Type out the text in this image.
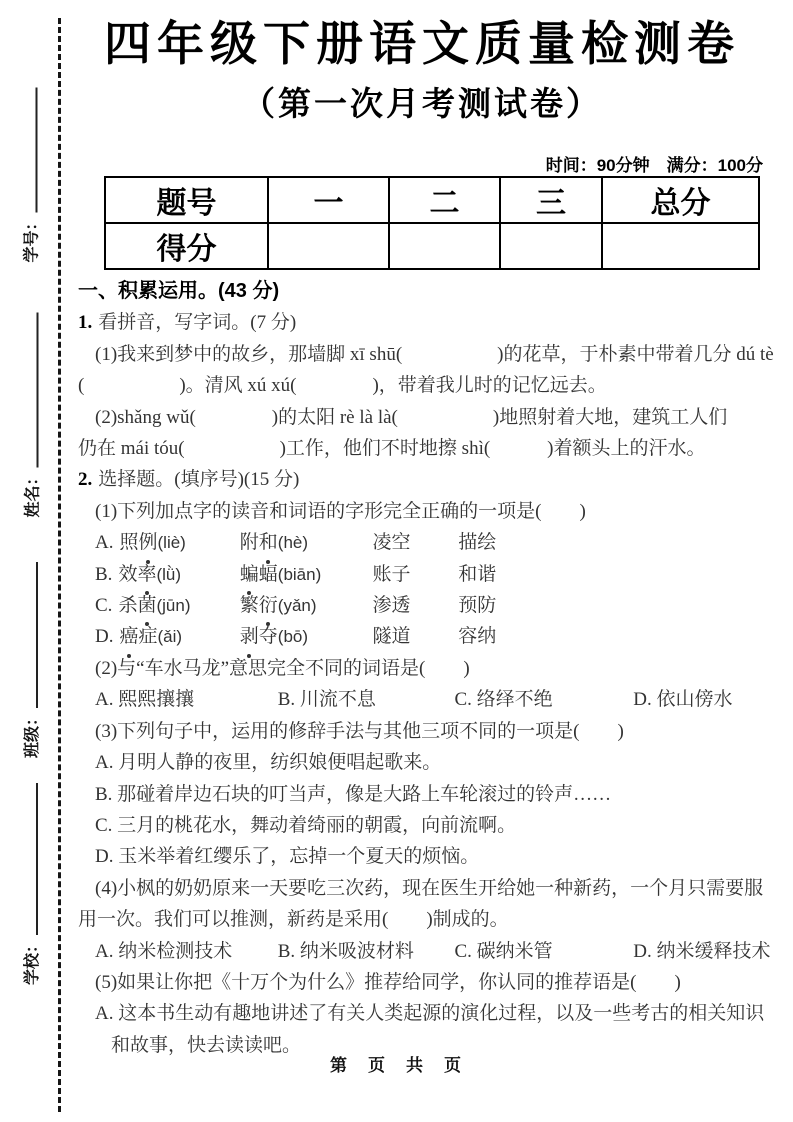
学号：
姓名：
班级：
学校：
四年级下册语文质量检测卷
（第一次月考测试卷）
时间：90分钟　满分：100分
题号	一	二	三	总分
得分				
一、积累运用。(43 分)
1. 看拼音，写字词。(7 分)
(1)我来到梦中的故乡，那墙脚 xī shū(　　　　　)的花草，于朴素中带着几分 dú tè
(　　　　　)。清风 xú xú(　　　　)，带着我儿时的记忆远去。
(2)shǎng wǔ(　　　　)的太阳 rè là là(　　　　　)地照射着大地，建筑工人们
仍在 mái tóu(　　　　　)工作，他们不时地擦 shì(　　　)着额头上的汗水。
2. 选择题。(填序号)(15 分)
(1)下列加点字的读音和词语的字形完全正确的一项是(　　)
A. 照例(liè)	附和(hè)	凌空	描绘
B. 效率(lǜ)	蝙蝠(biān)	账子	和谐
C. 杀菌(jūn)	繁衍(yǎn)	渗透	预防
D. 癌症(ǎi)	剥夺(bō)	隧道	容纳
(2)与“车水马龙”意思完全不同的词语是(　　)
A. 熙熙攘攘	B. 川流不息	C. 络绎不绝	D. 依山傍水
(3)下列句子中，运用的修辞手法与其他三项不同的一项是(　　)
A. 月明人静的夜里，纺织娘便唱起歌来。
B. 那碰着岸边石块的叮当声，像是大路上车轮滚过的铃声……
C. 三月的桃花水，舞动着绮丽的朝霞，向前流啊。
D. 玉米举着红缨乐了，忘掉一个夏天的烦恼。
(4)小枫的奶奶原来一天要吃三次药，现在医生开给她一种新药，一个月只需要服
用一次。我们可以推测，新药是采用(　　)制成的。
A. 纳米检测技术 B. 纳米吸波材料 C. 碳纳米管	D. 纳米缓释技术
(5)如果让你把《十万个为什么》推荐给同学，你认同的推荐语是(　　)
A. 这本书生动有趣地讲述了有关人类起源的演化过程，以及一些考古的相关知识
和故事，快去读读吧。
第　页　共　页
